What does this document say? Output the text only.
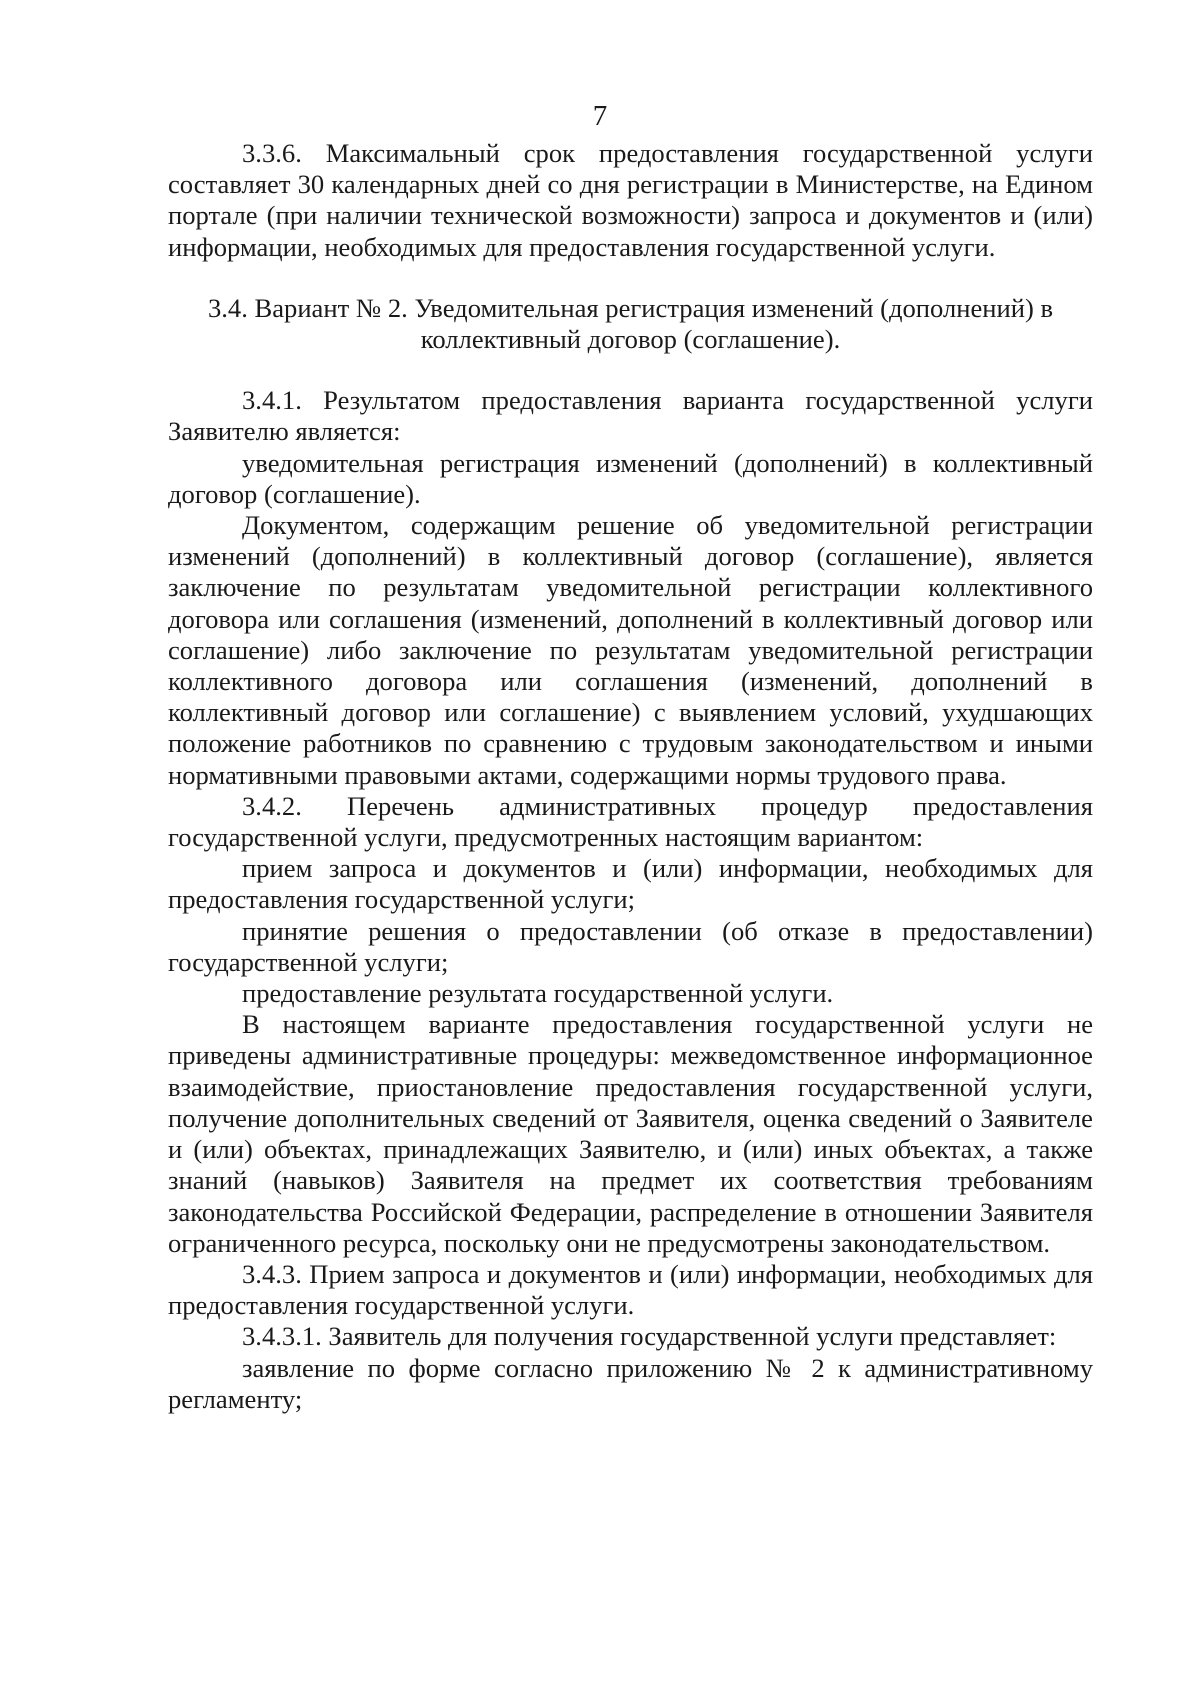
7

3.3.6. Максимальный срок предоставления государственной услуги составляет 30 календарных дней со дня регистрации в Министерстве, на Едином портале (при наличии технической возможности) запроса и документов и (или) информации, необходимых для предоставления государственной услуги.

3.4. Вариант № 2. Уведомительная регистрация изменений (дополнений) в коллективный договор (соглашение).

3.4.1. Результатом предоставления варианта государственной услуги Заявителю является:

уведомительная регистрация изменений (дополнений) в коллективный договор (соглашение).

Документом, содержащим решение об уведомительной регистрации изменений (дополнений) в коллективный договор (соглашение), является заключение по результатам уведомительной регистрации коллективного договора или соглашения (изменений, дополнений в коллективный договор или соглашение) либо заключение по результатам уведомительной регистрации коллективного договора или соглашения (изменений, дополнений в коллективный договор или соглашение) с выявлением условий, ухудшающих положение работников по сравнению с трудовым законодательством и иными нормативными правовыми актами, содержащими нормы трудового права.

3.4.2. Перечень административных процедур предоставления государственной услуги, предусмотренных настоящим вариантом:

прием запроса и документов и (или) информации, необходимых для предоставления государственной услуги;

принятие решения о предоставлении (об отказе в предоставлении) государственной услуги;

предоставление результата государственной услуги.

В настоящем варианте предоставления государственной услуги не приведены административные процедуры: межведомственное информационное взаимодействие, приостановление предоставления государственной услуги, получение дополнительных сведений от Заявителя, оценка сведений о Заявителе и (или) объектах, принадлежащих Заявителю, и (или) иных объектах, а также знаний (навыков) Заявителя на предмет их соответствия требованиям законодательства Российской Федерации, распределение в отношении Заявителя ограниченного ресурса, поскольку они не предусмотрены законодательством.

3.4.3. Прием запроса и документов и (или) информации, необходимых для предоставления государственной услуги.

3.4.3.1. Заявитель для получения государственной услуги представляет:

заявление по форме согласно приложению № 2 к административному регламенту;
